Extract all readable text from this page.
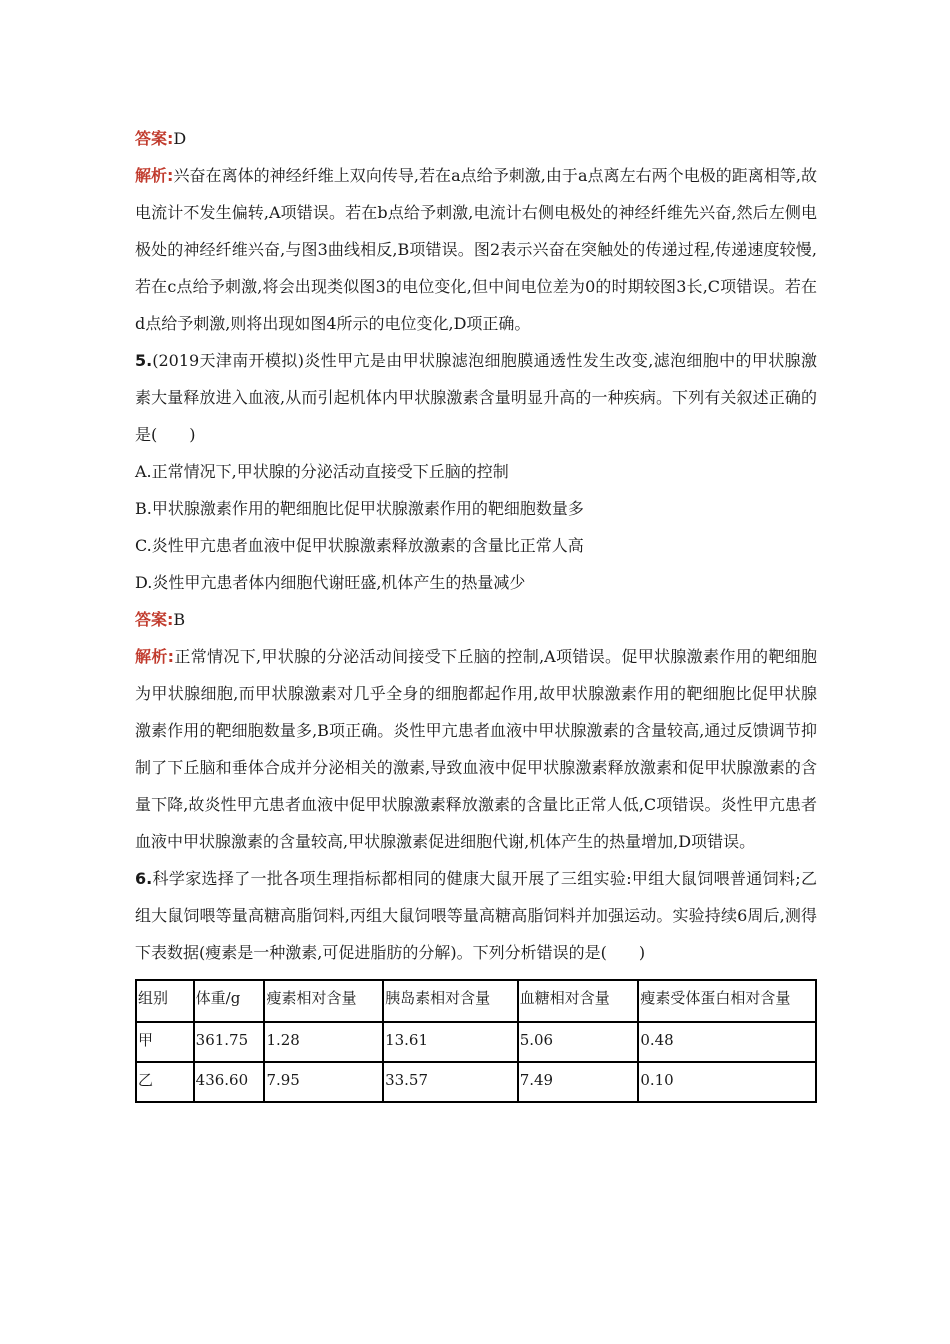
答案:D

解析:兴奋在离体的神经纤维上双向传导,若在a点给予刺激,由于a点离左右两个电极的距离相等,故电流计不发生偏转,A项错误。若在b点给予刺激,电流计右侧电极处的神经纤维先兴奋,然后左侧电极处的神经纤维兴奋,与图3曲线相反,B项错误。图2表示兴奋在突触处的传递过程,传递速度较慢,若在c点给予刺激,将会出现类似图3的电位变化,但中间电位差为0的时期较图3长,C项错误。若在d点给予刺激,则将出现如图4所示的电位变化,D项正确。

5.(2019天津南开模拟)炎性甲亢是由甲状腺滤泡细胞膜通透性发生改变,滤泡细胞中的甲状腺激素大量释放进入血液,从而引起机体内甲状腺激素含量明显升高的一种疾病。下列有关叙述正确的是(　　)

A.正常情况下,甲状腺的分泌活动直接受下丘脑的控制

B.甲状腺激素作用的靶细胞比促甲状腺激素作用的靶细胞数量多

C.炎性甲亢患者血液中促甲状腺激素释放激素的含量比正常人高

D.炎性甲亢患者体内细胞代谢旺盛,机体产生的热量减少

答案:B

解析:正常情况下,甲状腺的分泌活动间接受下丘脑的控制,A项错误。促甲状腺激素作用的靶细胞为甲状腺细胞,而甲状腺激素对几乎全身的细胞都起作用,故甲状腺激素作用的靶细胞比促甲状腺激素作用的靶细胞数量多,B项正确。炎性甲亢患者血液中甲状腺激素的含量较高,通过反馈调节抑制了下丘脑和垂体合成并分泌相关的激素,导致血液中促甲状腺激素释放激素和促甲状腺激素的含量下降,故炎性甲亢患者血液中促甲状腺激素释放激素的含量比正常人低,C项错误。炎性甲亢患者血液中甲状腺激素的含量较高,甲状腺激素促进细胞代谢,机体产生的热量增加,D项错误。

6.科学家选择了一批各项生理指标都相同的健康大鼠开展了三组实验:甲组大鼠饲喂普通饲料;乙组大鼠饲喂等量高糖高脂饲料,丙组大鼠饲喂等量高糖高脂饲料并加强运动。实验持续6周后,测得下表数据(瘦素是一种激素,可促进脂肪的分解)。下列分析错误的是(　　)

组别	体重/g	瘦素相对含量	胰岛素相对含量	血糖相对含量	瘦素受体蛋白相对含量
甲	361.75	1.28	13.61	5.06	0.48
乙	436.60	7.95	33.57	7.49	0.10
